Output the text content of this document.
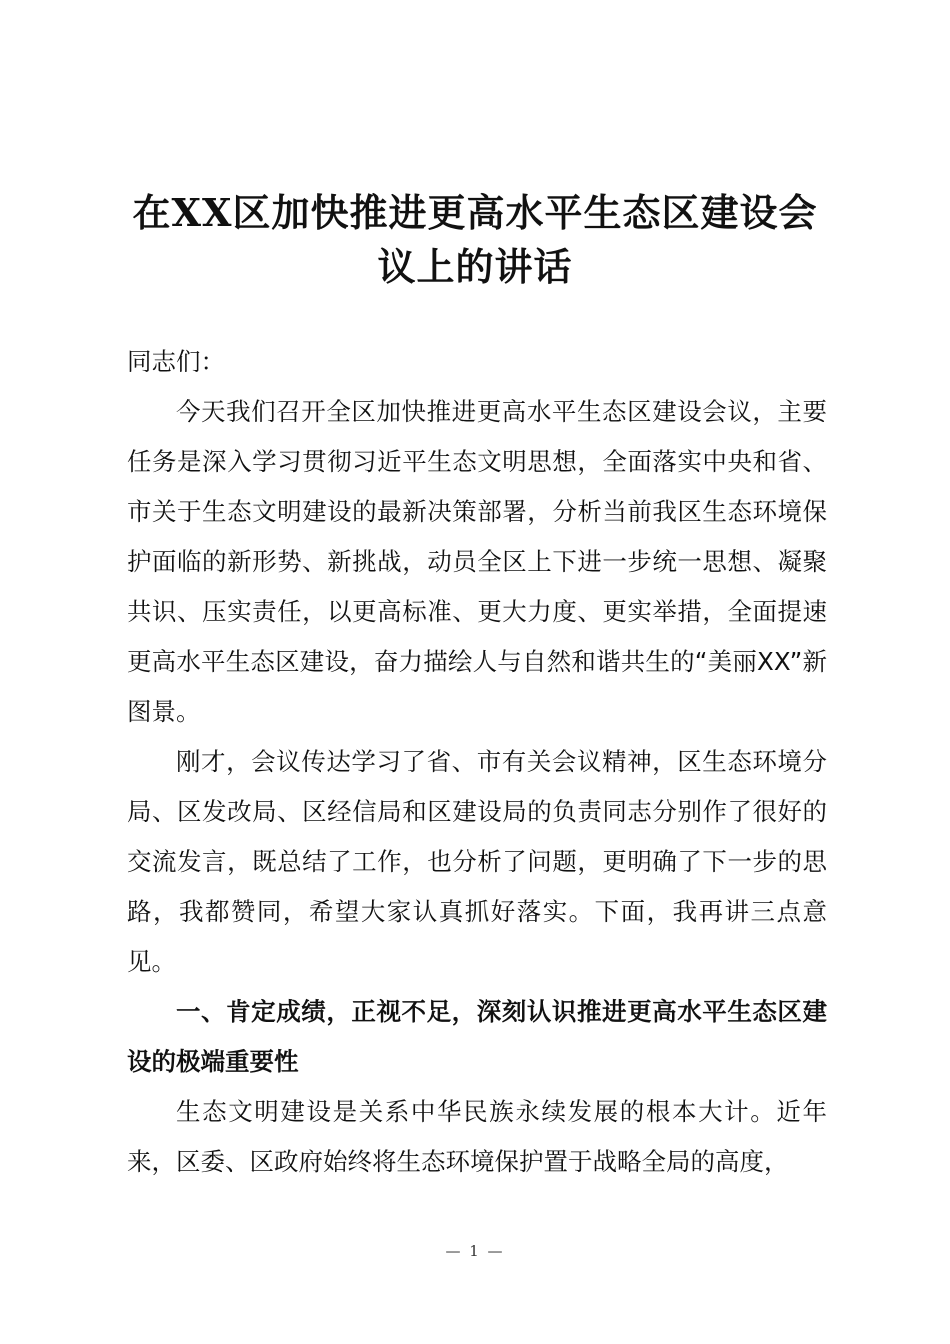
在XX区加快推进更高水平生态区建设会
议上的讲话

同志们：

今天我们召开全区加快推进更高水平生态区建设会议，主要任务是深入学习贯彻习近平生态文明思想，全面落实中央和省、市关于生态文明建设的最新决策部署，分析当前我区生态环境保护面临的新形势、新挑战，动员全区上下进一步统一思想、凝聚共识、压实责任，以更高标准、更大力度、更实举措，全面提速更高水平生态区建设，奋力描绘人与自然和谐共生的“美丽XX”新图景。

刚才，会议传达学习了省、市有关会议精神，区生态环境分局、区发改局、区经信局和区建设局的负责同志分别作了很好的交流发言，既总结了工作，也分析了问题，更明确了下一步的思路，我都赞同，希望大家认真抓好落实。下面，我再讲三点意见。

一、肯定成绩，正视不足，深刻认识推进更高水平生态区建设的极端重要性

生态文明建设是关系中华民族永续发展的根本大计。近年来，区委、区政府始终将生态环境保护置于战略全局的高度，

— 1 —
